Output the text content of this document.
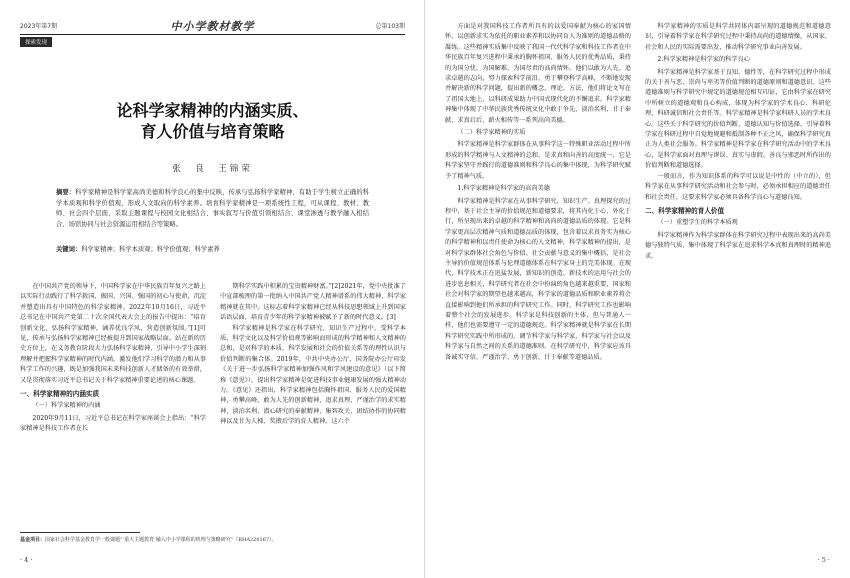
2023年第7期	中小学教材教学	总第103期
探索发现
论科学家精神的内涵实质、
育人价值与培育策略
张　良　王锦荣
摘要：科学家精神是科学家高尚美德和科学良心的集中反映，传承与弘扬科学家精神，有助于学生树立正确的科学本质观和科学价值观，形成人文取向的科学素养。培育科学家精神是一项系统性工程，可从课程、教材、教师、社会四个层面，采取主题课程与校园文化相结合、事实叙写与价值引领相结合、课堂渗透与教学融入相结合、场馆协同与社会资源运用相结合等策略。
关键词：科学家精神；科学本质观；科学价值观；科学素养

在中国共产党的领导下，中国科学家在中华民族百年复兴之路上以实际行动践行了科学救国、振国、兴国、强国的初心与使命，沉淀并塑造出具有中国特色的科学家精神。2022年10月16日，习近平总书记在中国共产党第二十次全国代表大会上的报告中提出：“培育创新文化，弘扬科学家精神，涵养优良学风，营造创新氛围。”[1]可见，传承与弘扬科学家精神已经被提升到国家战略层面。站在新的历史方位上，在义务教育阶段大力弘扬科学家精神，引导中小学生深刻理解并把握科学家精神的时代内涵，激发他们学习科学的潜力和从事科学工作的兴趣，既是加强我国未来科技创新人才储备的有效举措，又是贯彻落实习近平总书记关于科学家精神重要论述的核心课题。

一、科学家精神的内涵实质
（一）科学家精神的内涵

2020年9月11日，习近平总书记在科学家座谈会上指出：“科学家精神是科技工作者在长

期科学实践中积累的宝贵精神财富。”[2]2021年，党中央批准了中宣部梳理的第一批纳入中国共产党人精神谱系的伟大精神，科学家精神就在其中。这标志着科学家精神已经从科技思想领域上升到国家话语层面，培育青少年的科学家精神被赋予了新的时代意义。[3]

科学家精神是科学家在科学研究、知识生产过程中，受科学本质、科学文化以及科学价值观等影响而形成的科学精神和人文精神的总和，是对科学的本质、科学发展和社会的价值关系等的理性认识与价值判断的集合体。2019年，中共中央办公厅、国务院办公厅印发《关于进一步弘扬科学家精神加强作风和学风建设的意见》（以下简称《意见》），提出科学家精神是促进科技事业健康发展的强大精神动力。《意见》还指出，科学家精神包括胸怀祖国、服务人民的爱国精神，勇攀高峰、敢为人先的创新精神，追求真理、严谨治学的求实精神，淡泊名利、潜心研究的奉献精神，集智攻关、团结协作的协同精神以及甘为人梯、奖掖后学的育人精神。这六个

基金项目：国家社会科学基金教育学一般课题“‘重大主题教育’融入中小学课程的机理与策略研究”（BHA220167）。
· 4 ·

方面是对我国科技工作者所具有的以爱国奉献为核心的家国情怀、以创新求实为依托的职业素养和以协同育人为准则的道德品格的凝练。这些精神实质集中反映了我国一代代科学家和科技工作者在中华民族百年复兴进程中秉承的胸怀祖国、服务人民的优秀品质，秉持的为国分忧、为国解难、为国尽责的高尚情怀。他们以敢为人先、追求卓越的志向，努力探索科学前沿，勇于攀登科学高峰，不断地发现并解决新的科学问题，提出新的概念、理论、方法，他们将论文写在了祖国大地上，以科研成果助力中国式现代化的不懈追求。科学家精神集中体现了中华民族优秀传统文化中敢于争先、淡泊名利、甘于奉献、求真启后、薪火相传等一系列高尚美德。

（二）科学家精神的实质

科学家精神是科学家群体在从事科学这一特殊职业活动过程中所形成的科学精神与人文精神的总和，是求真和向善的高度统一，它是科学家坚守并践行的道德准则和科学良心的集中体现，为科学研究赋予了精神气质。

1.科学家精神是科学家的高尚美德

科学家精神是科学家在从事科学研究、知识生产、真理探究的过程中，基于社会主导的价值规范和道德要求，将其内化于心、外化于行，所呈现出来的卓越的科学精神和高尚的道德品质的体现。它是科学家更高层次精神气质和道德品质的体现，包含着以求真务实为核心的科学精神和以责任使命为核心的人文精神，科学家精神的提出，是对科学家群体社会角色与价值、社会贡献与意义的集中概括，是社会主导的价值规范体系与伦理道德体系在科学家身上的完美体现。在现代，科学技术正在迅猛发展，新知识的创造、新技术的运用与社会的进步息息相关，科学研究者在社会中扮演的角色越来越重要，国家和社会对科学家的期望也越来越高，科学家的道德品质和职业素养将会直接影响到他们所承担的科学研究工作。同时，科学研究工作也影响着整个社会的发展进步。科学家是科技创新的主体，但与普通人一样，他们也需要遵守一定的道德规范。科学家精神就是科学家在长期科学研究实践中所形成的、调节科学家与科学家、科学家与社会以及科学家与自然之间的关系的道德准则。在科学研究中，科学家应该具备诚实守信、严谨治学、勇于创新、甘于奉献等道德品质。

科学家精神的实质是科学共同体内部呈现的道德规范和道德意识，引导着科学家在科学研究过程中秉持高尚的道德情操，从国家、社会和人民的实际需要出发，推动科学研究事业向善发展。

2.科学家精神是科学家的科学良心

科学家精神是科学家基于良知、德性等，在科学研究过程中形成的关于善与恶、崇尚与卑劣等价值判断的道德原则和道德意识。这些道德准则与科学研究中规定的道德规范相互印证，它由科学家在研究中所树立的道德观和良心构成，体现为科学家的学术良心、科研伦理、科研诚信和社会责任等。科学家精神是科学家科研人员的学术良心。这些关于科学研究的价值判断、道德认知与价值选择，引导着科学家在科研过程中自觉地规避和抵制各种不正之风，确保科学研究真正为人类社会服务。科学家精神是科学家在科学研究活动中的学术良心，是科学家面对真理与谬误、真实与虚假、善良与邪恶时所作出的价值判断和道德选择。

一般而言，作为知识体系的科学可以说是中性的（中立的），但科学家在从事科学研究活动和社会参与时，必须承担相应的道德责任和社会责任，这要求科学家必须具备科学良心与道德良知。

二、科学家精神的育人价值
（一）重塑学生的科学本质观

科学家精神作为科学家群体在科学研究过程中表现出来的高尚美德与独特气质，集中体现了科学家在追求科学本真和真理时的精神追求。

· 5 ·
